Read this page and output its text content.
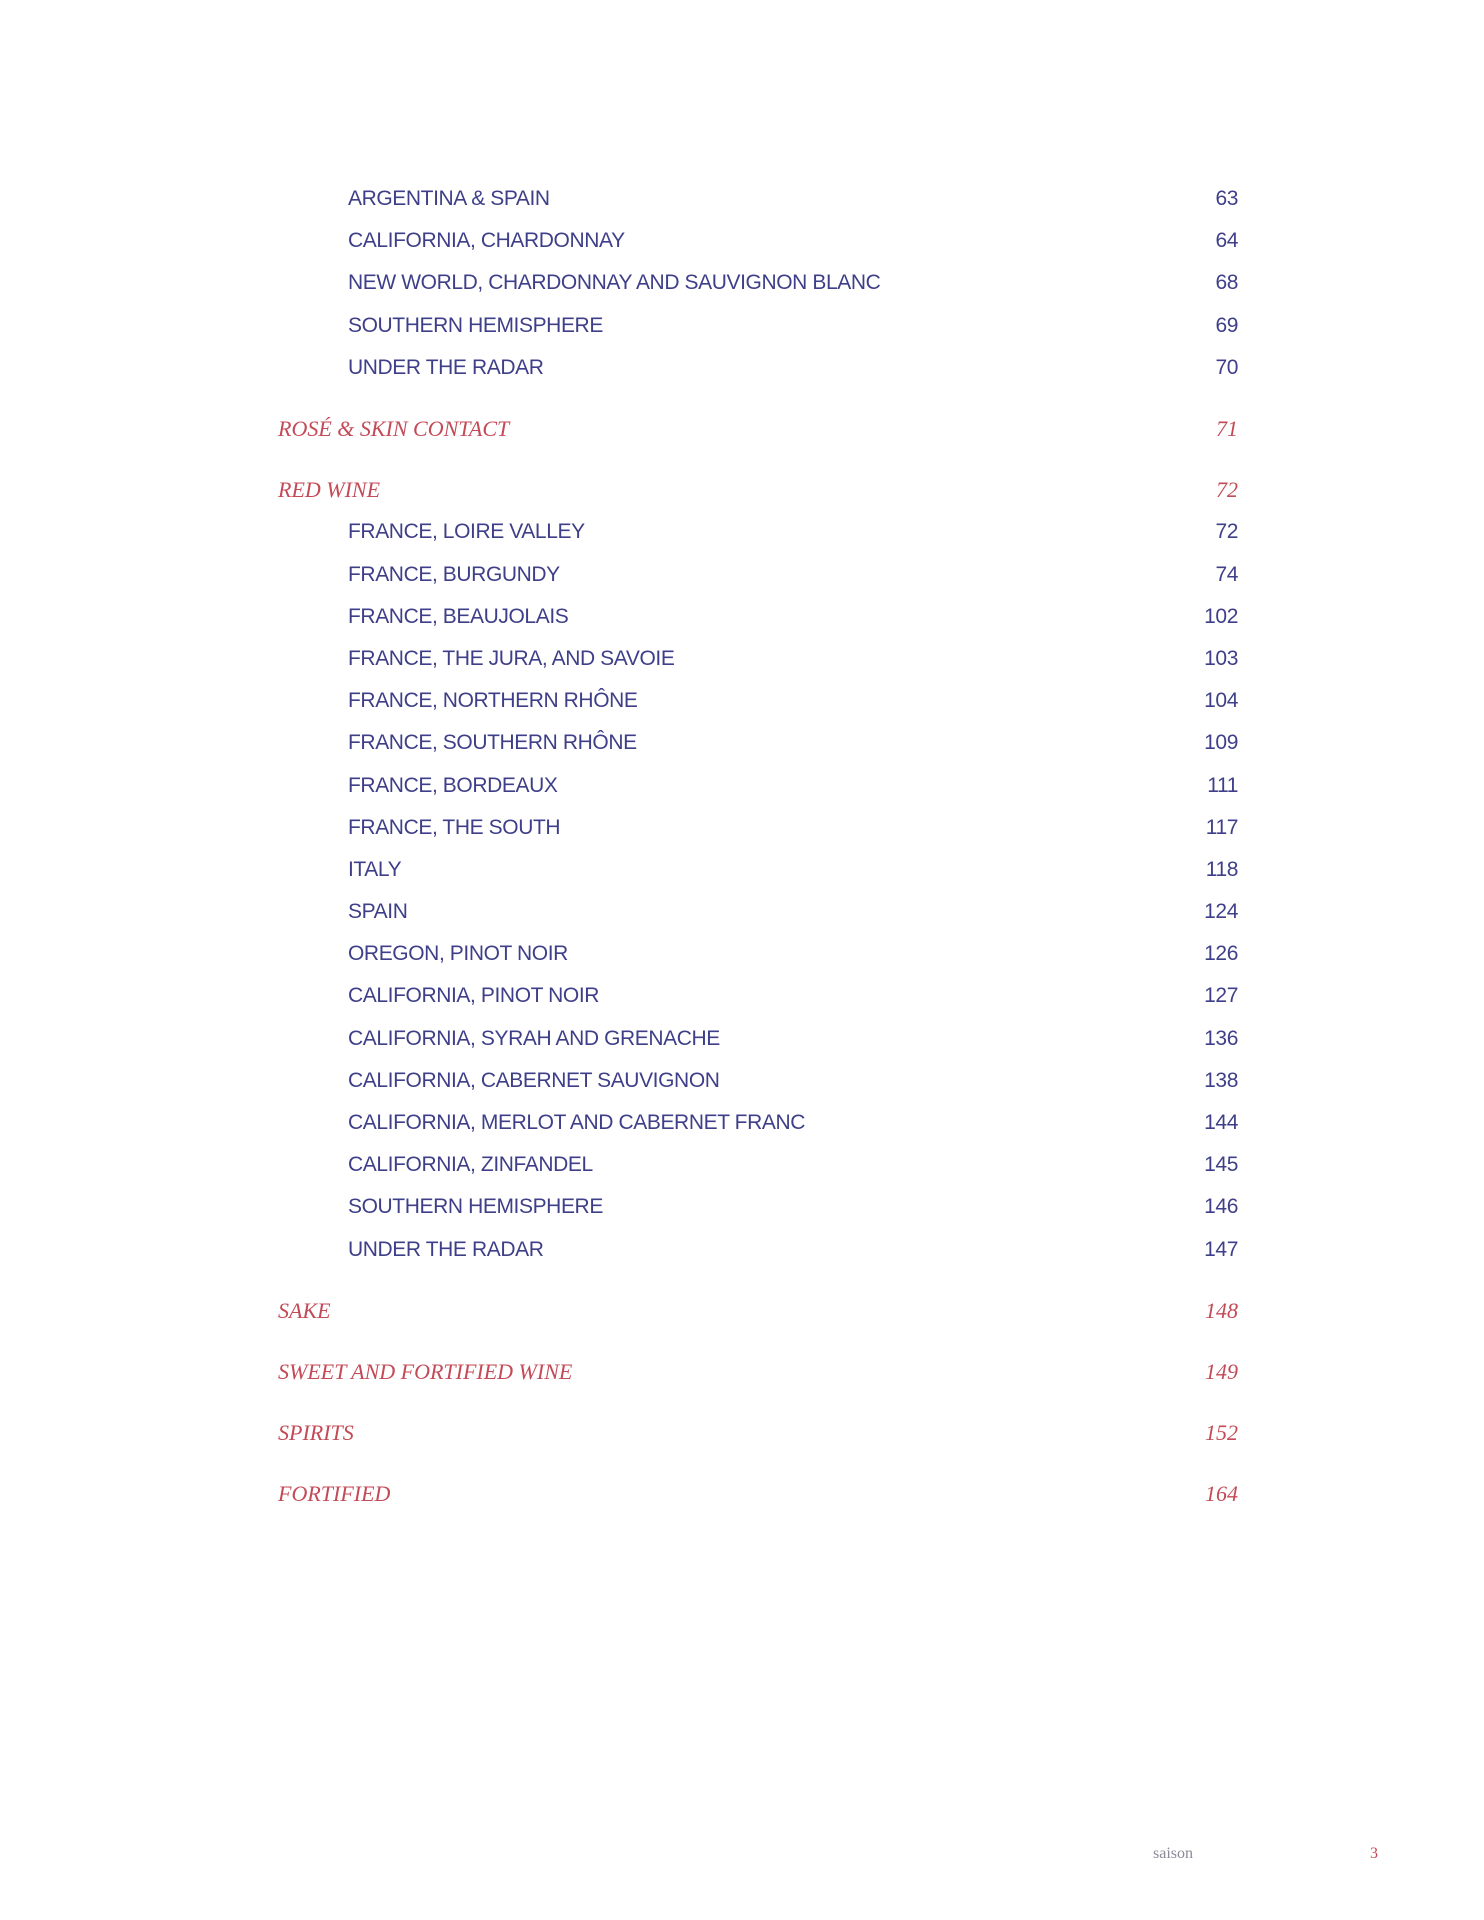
ARGENTINA & SPAIN	63
CALIFORNIA, CHARDONNAY	64
NEW WORLD, CHARDONNAY AND SAUVIGNON BLANC	68
SOUTHERN HEMISPHERE	69
UNDER THE RADAR	70
ROSÉ & SKIN CONTACT	71
RED WINE	72
FRANCE, LOIRE VALLEY	72
FRANCE, BURGUNDY	74
FRANCE, BEAUJOLAIS	102
FRANCE, THE JURA, AND SAVOIE	103
FRANCE, NORTHERN RHÔNE	104
FRANCE, SOUTHERN RHÔNE	109
FRANCE, BORDEAUX	111
FRANCE, THE SOUTH	117
ITALY	118
SPAIN	124
OREGON, PINOT NOIR	126
CALIFORNIA, PINOT NOIR	127
CALIFORNIA, SYRAH AND GRENACHE	136
CALIFORNIA, CABERNET SAUVIGNON	138
CALIFORNIA, MERLOT AND CABERNET FRANC	144
CALIFORNIA, ZINFANDEL	145
SOUTHERN HEMISPHERE	146
UNDER THE RADAR	147
SAKE	148
SWEET AND FORTIFIED WINE	149
SPIRITS	152
FORTIFIED	164
saison	3
